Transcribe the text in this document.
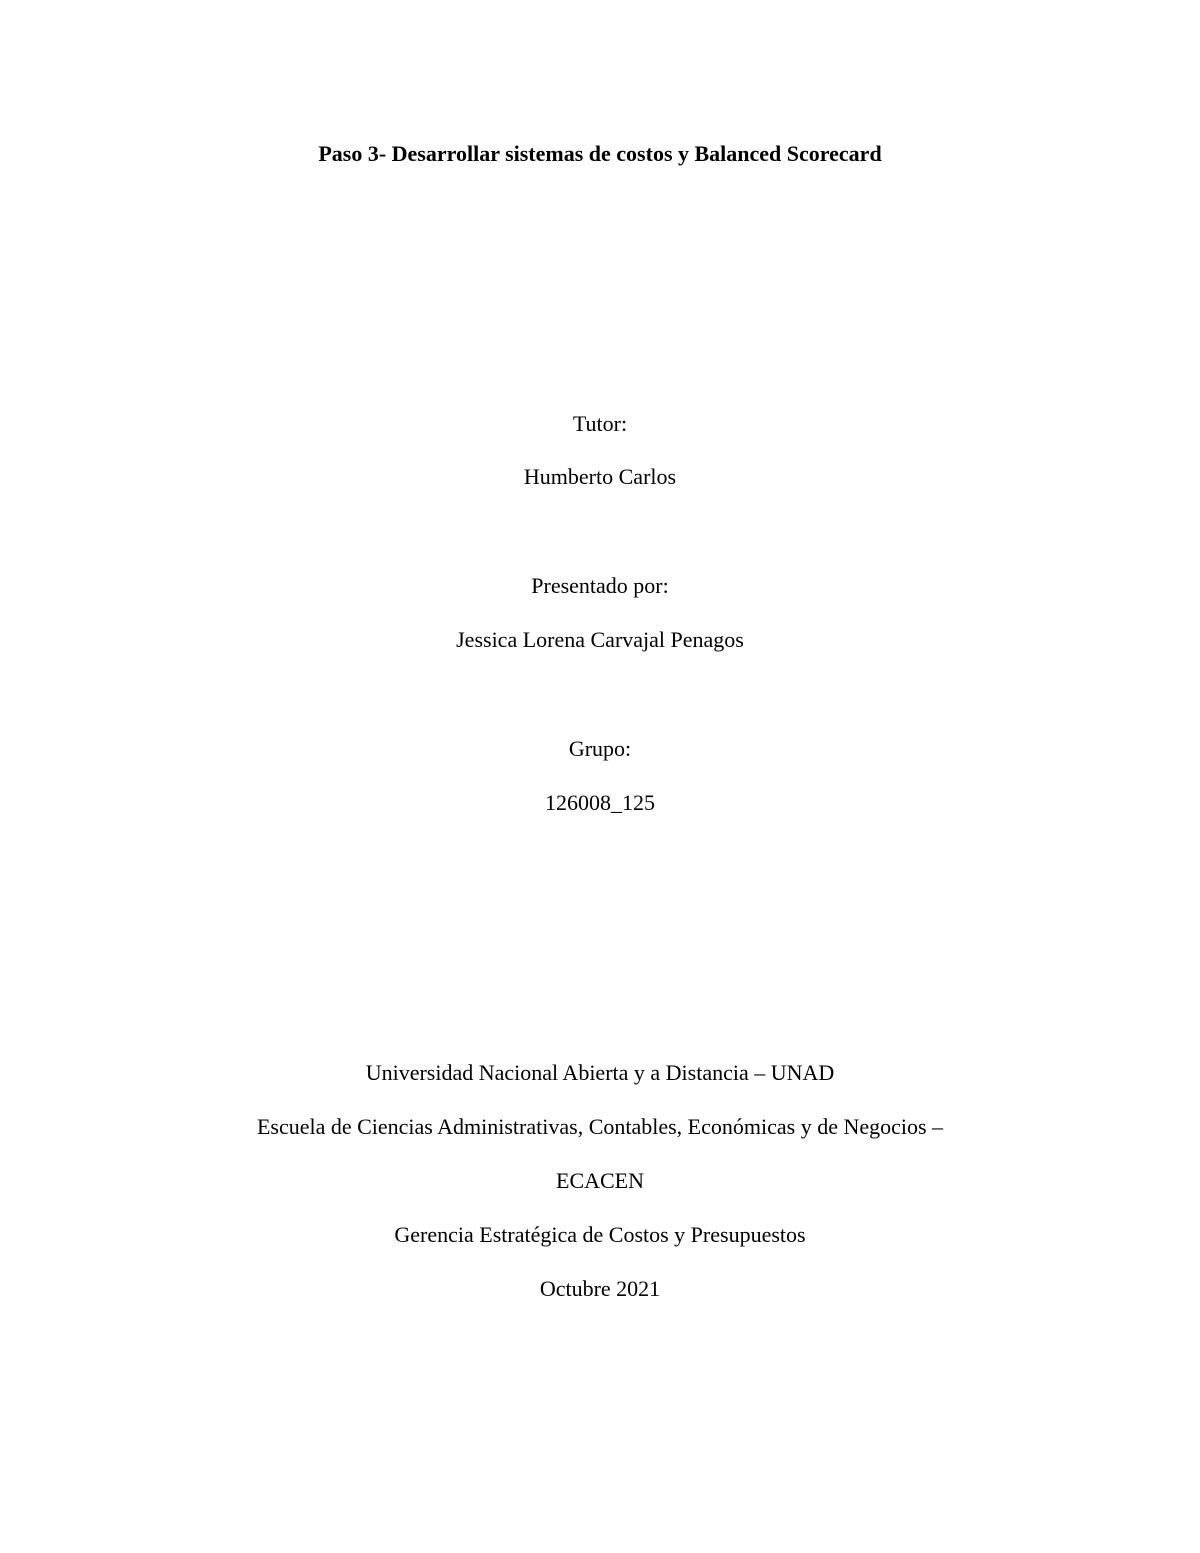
Paso 3- Desarrollar sistemas de costos y Balanced Scorecard
Tutor:
Humberto Carlos
Presentado por:
Jessica Lorena Carvajal Penagos
Grupo:
126008_125
Universidad Nacional Abierta y a Distancia – UNAD
Escuela de Ciencias Administrativas, Contables, Económicas y de Negocios –
ECACEN
Gerencia Estratégica de Costos y Presupuestos
Octubre 2021
